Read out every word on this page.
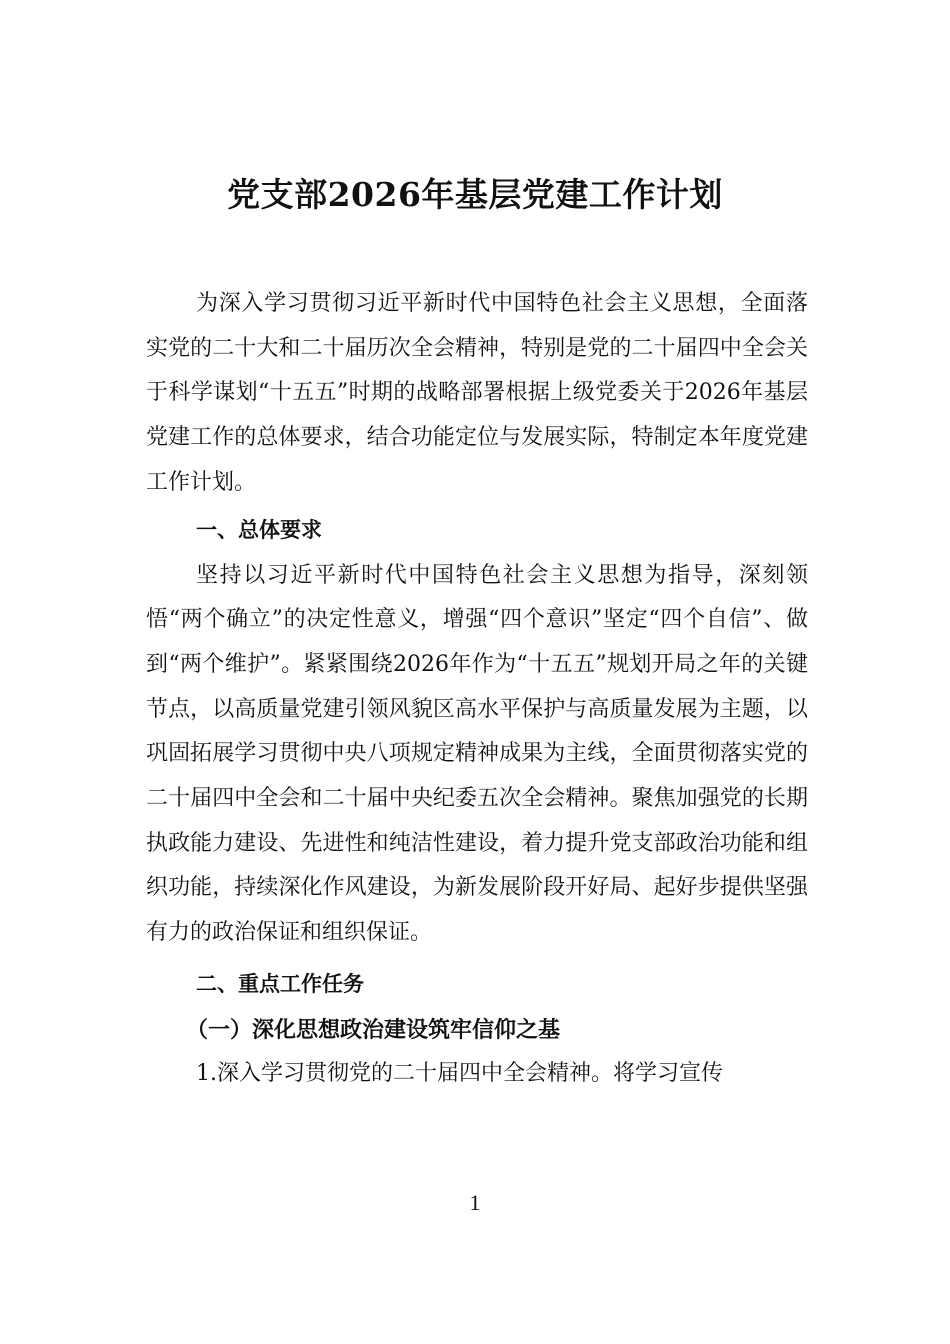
党支部2026年基层党建工作计划

为深入学习贯彻习近平新时代中国特色社会主义思想，全面落实党的二十大和二十届历次全会精神，特别是党的二十届四中全会关于科学谋划“十五五”时期的战略部署根据上级党委关于2026年基层党建工作的总体要求，结合功能定位与发展实际，特制定本年度党建工作计划。

一、总体要求

坚持以习近平新时代中国特色社会主义思想为指导，深刻领悟“两个确立”的决定性意义，增强“四个意识”坚定“四个自信”、做到“两个维护”。紧紧围绕2026年作为“十五五”规划开局之年的关键节点，以高质量党建引领风貌区高水平保护与高质量发展为主题，以巩固拓展学习贯彻中央八项规定精神成果为主线，全面贯彻落实党的二十届四中全会和二十届中央纪委五次全会精神。聚焦加强党的长期执政能力建设、先进性和纯洁性建设，着力提升党支部政治功能和组织功能，持续深化作风建设，为新发展阶段开好局、起好步提供坚强有力的政治保证和组织保证。

二、重点工作任务

（一）深化思想政治建设筑牢信仰之基

1.深入学习贯彻党的二十届四中全会精神。将学习宣传

1
